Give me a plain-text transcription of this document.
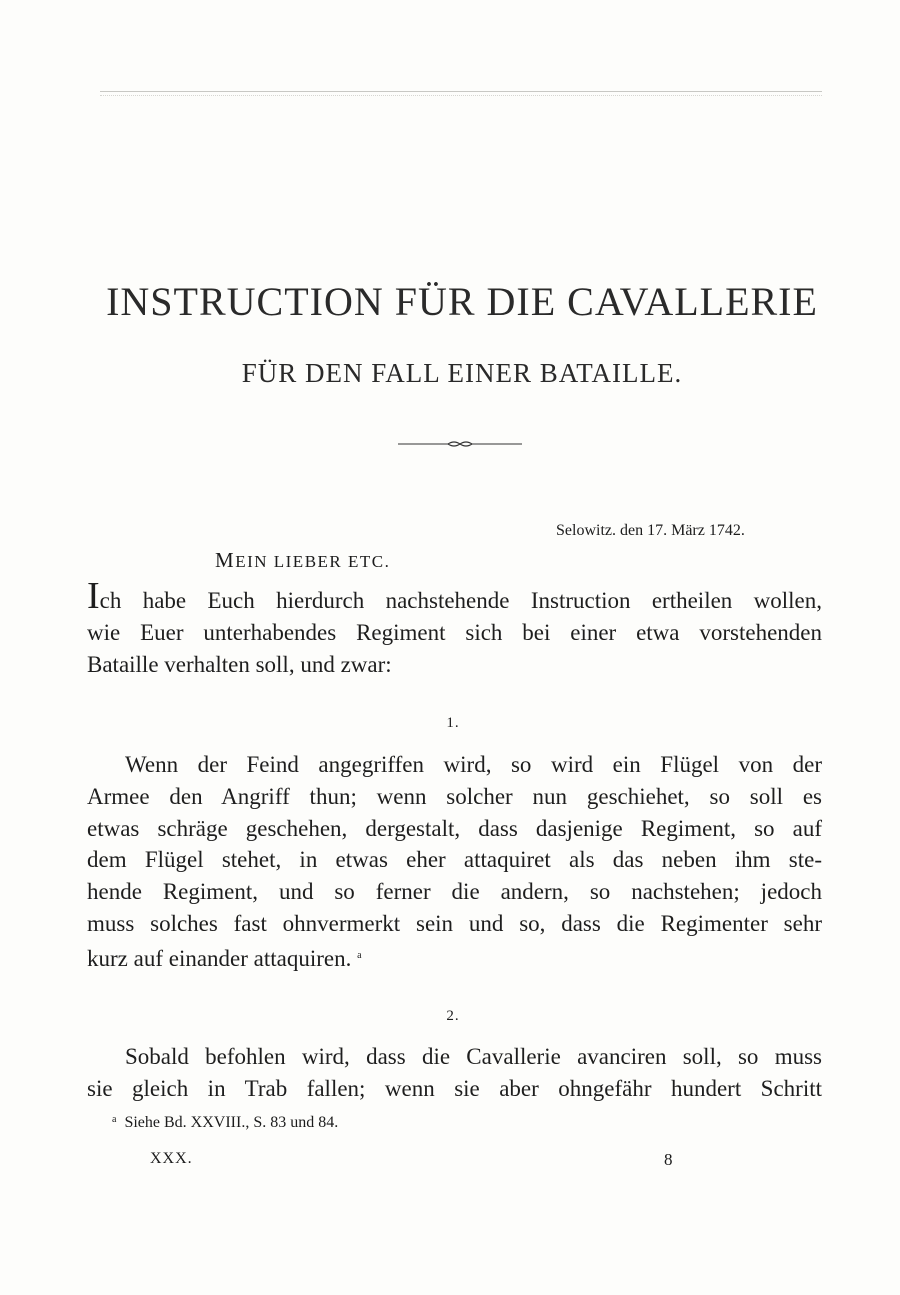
INSTRUCTION FÜR DIE CAVALLERIE
FÜR DEN FALL EINER BATAILLE.
Selowitz. den 17. März 1742.
MEIN LIEBER ETC.
Ich habe Euch hierdurch nachstehende Instruction ertheilen wollen,
wie Euer unterhabendes Regiment sich bei einer etwa vorstehenden
Bataille verhalten soll, und zwar:
1.
Wenn der Feind angegriffen wird, so wird ein Flügel von der
Armee den Angriff thun; wenn solcher nun geschiehet, so soll es
etwas schräge geschehen, dergestalt, dass dasjenige Regiment, so auf
dem Flügel stehet, in etwas eher attaquiret als das neben ihm ste-
hende Regiment, und so ferner die andern, so nachstehen; jedoch
muss solches fast ohnvermerkt sein und so, dass die Regimenter sehr
kurz auf einander attaquiren. $^a$
2.
Sobald befohlen wird, dass die Cavallerie avanciren soll, so muss
sie gleich in Trab fallen; wenn sie aber ohngefähr hundert Schritt
$^a$ Siehe Bd. XXVIII., S. 83 und 84.
XXX.	8
